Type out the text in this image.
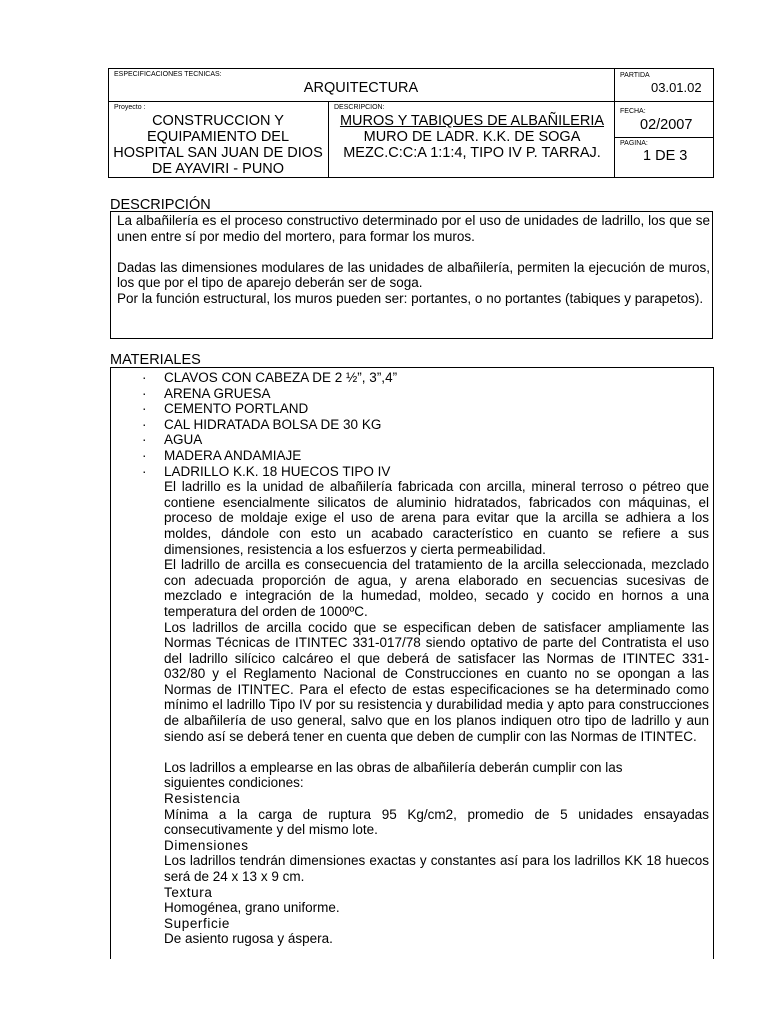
ESPECIFICACIONES TECNICAS:
ARQUITECTURA
PARTIDA
03.01.02
Proyecto :
CONSTRUCCION Y
EQUIPAMIENTO DEL
HOSPITAL SAN JUAN DE DIOS
DE AYAVIRI - PUNO
DESCRIPCION:
MUROS Y TABIQUES DE ALBAÑILERIA
MURO DE LADR. K.K. DE SOGA
MEZC.C:C:A 1:1:4, TIPO IV P. TARRAJ.
FECHA:
02/2007
PAGINA:
1 DE 3
DESCRIPCIÓN

La albañilería es el proceso constructivo determinado por el uso de unidades de ladrillo, los que se unen entre sí por medio del mortero, para formar los muros.

Dadas las dimensiones modulares de las unidades de albañilería, permiten la ejecución de muros, los que por el tipo de aparejo deberán ser de soga.

Por la función estructural, los muros pueden ser: portantes, o no portantes (tabiques y parapetos).

MATERIALES
· CLAVOS CON CABEZA DE 2 ½”, 3”,4”
· ARENA GRUESA
· CEMENTO PORTLAND
· CAL HIDRATADA BOLSA DE 30 KG
· AGUA
· MADERA ANDAMIAJE
· LADRILLO K.K. 18 HUECOS TIPO IV

El ladrillo es la unidad de albañilería fabricada con arcilla, mineral terroso o pétreo que contiene esencialmente silicatos de aluminio hidratados, fabricados con máquinas, el proceso de moldaje exige el uso de arena para evitar que la arcilla se adhiera a los moldes, dándole con esto un acabado característico en cuanto se refiere a sus dimensiones, resistencia a los esfuerzos y cierta permeabilidad.

El ladrillo de arcilla es consecuencia del tratamiento de la arcilla seleccionada, mezclado con adecuada proporción de agua, y arena elaborado en secuencias sucesivas de mezclado e integración de la humedad, moldeo, secado y cocido en hornos a una temperatura del orden de 1000ºC.

Los ladrillos de arcilla cocido que se especifican deben de satisfacer ampliamente las Normas Técnicas de ITINTEC 331-017/78 siendo optativo de parte del Contratista el uso del ladrillo silícico calcáreo el que deberá de satisfacer las Normas de ITINTEC 331-032/80 y el Reglamento Nacional de Construcciones en cuanto no se opongan a las Normas de ITINTEC. Para el efecto de estas especificaciones se ha determinado como mínimo el ladrillo Tipo IV por su resistencia y durabilidad media y apto para construcciones de albañilería de uso general, salvo que en los planos indiquen otro tipo de ladrillo y aun siendo así se deberá tener en cuenta que deben de cumplir con las Normas de ITINTEC.

Los ladrillos a emplearse en las obras de albañilería deberán cumplir con las
siguientes condiciones:
Resistencia

Mínima a la carga de ruptura 95 Kg/cm2, promedio de 5 unidades ensayadas consecutivamente y del mismo lote.

Dimensiones

Los ladrillos tendrán dimensiones exactas y constantes así para los ladrillos KK 18 huecos será de 24 x 13 x 9 cm.

Textura
Homogénea, grano uniforme.
Superficie
De asiento rugosa y áspera.
